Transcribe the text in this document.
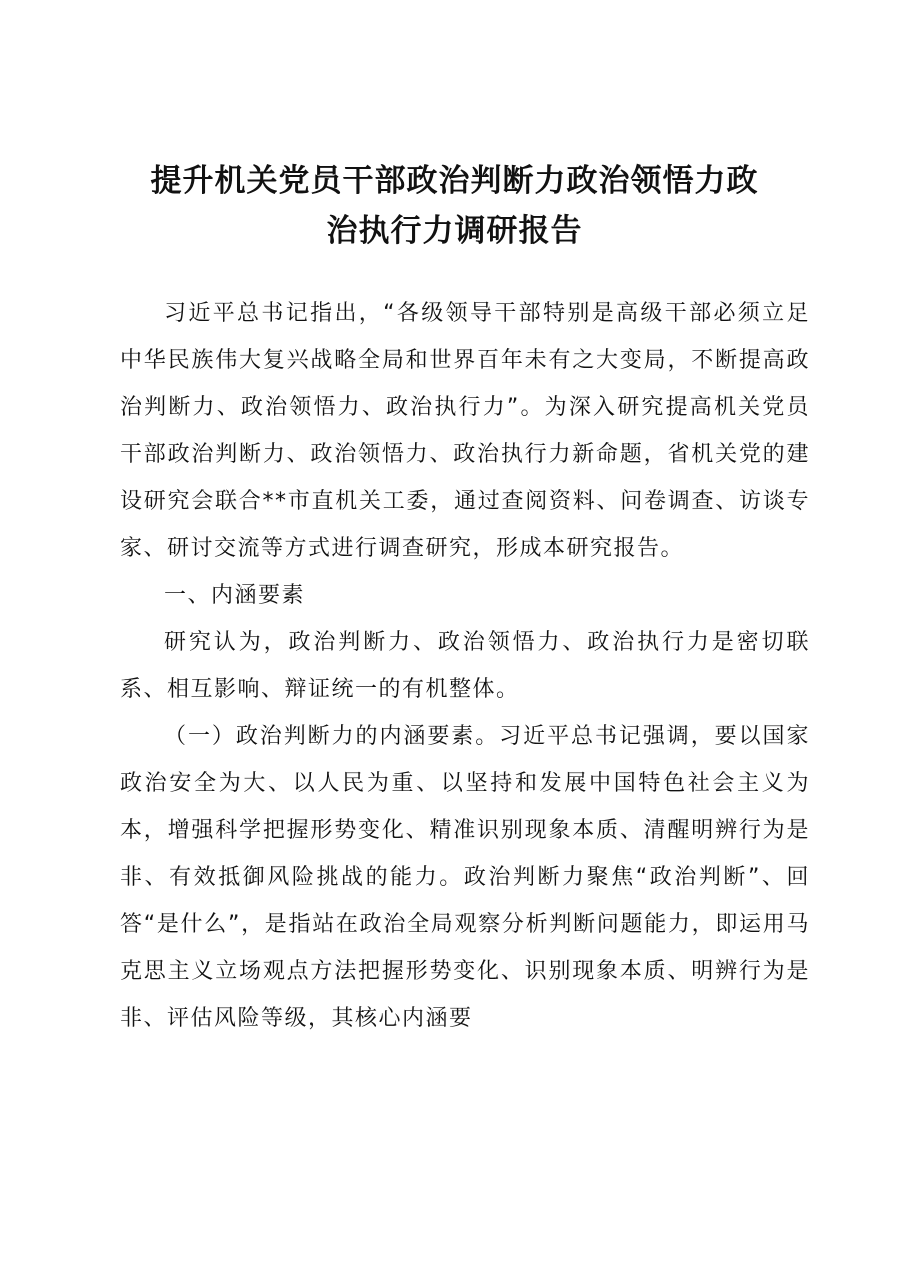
提升机关党员干部政治判断力政治领悟力政
治执行力调研报告

习近平总书记指出，“各级领导干部特别是高级干部必须立足中华民族伟大复兴战略全局和世界百年未有之大变局，不断提高政治判断力、政治领悟力、政治执行力”。为深入研究提高机关党员干部政治判断力、政治领悟力、政治执行力新命题，省机关党的建设研究会联合**市直机关工委，通过查阅资料、问卷调查、访谈专家、研讨交流等方式进行调查研究，形成本研究报告。

一、内涵要素

研究认为，政治判断力、政治领悟力、政治执行力是密切联系、相互影响、辩证统一的有机整体。

（一）政治判断力的内涵要素。习近平总书记强调，要以国家政治安全为大、以人民为重、以坚持和发展中国特色社会主义为本，增强科学把握形势变化、精准识别现象本质、清醒明辨行为是非、有效抵御风险挑战的能力。政治判断力聚焦“政治判断”、回答“是什么”，是指站在政治全局观察分析判断问题能力，即运用马克思主义立场观点方法把握形势变化、识别现象本质、明辨行为是非、评估风险等级，其核心内涵要
